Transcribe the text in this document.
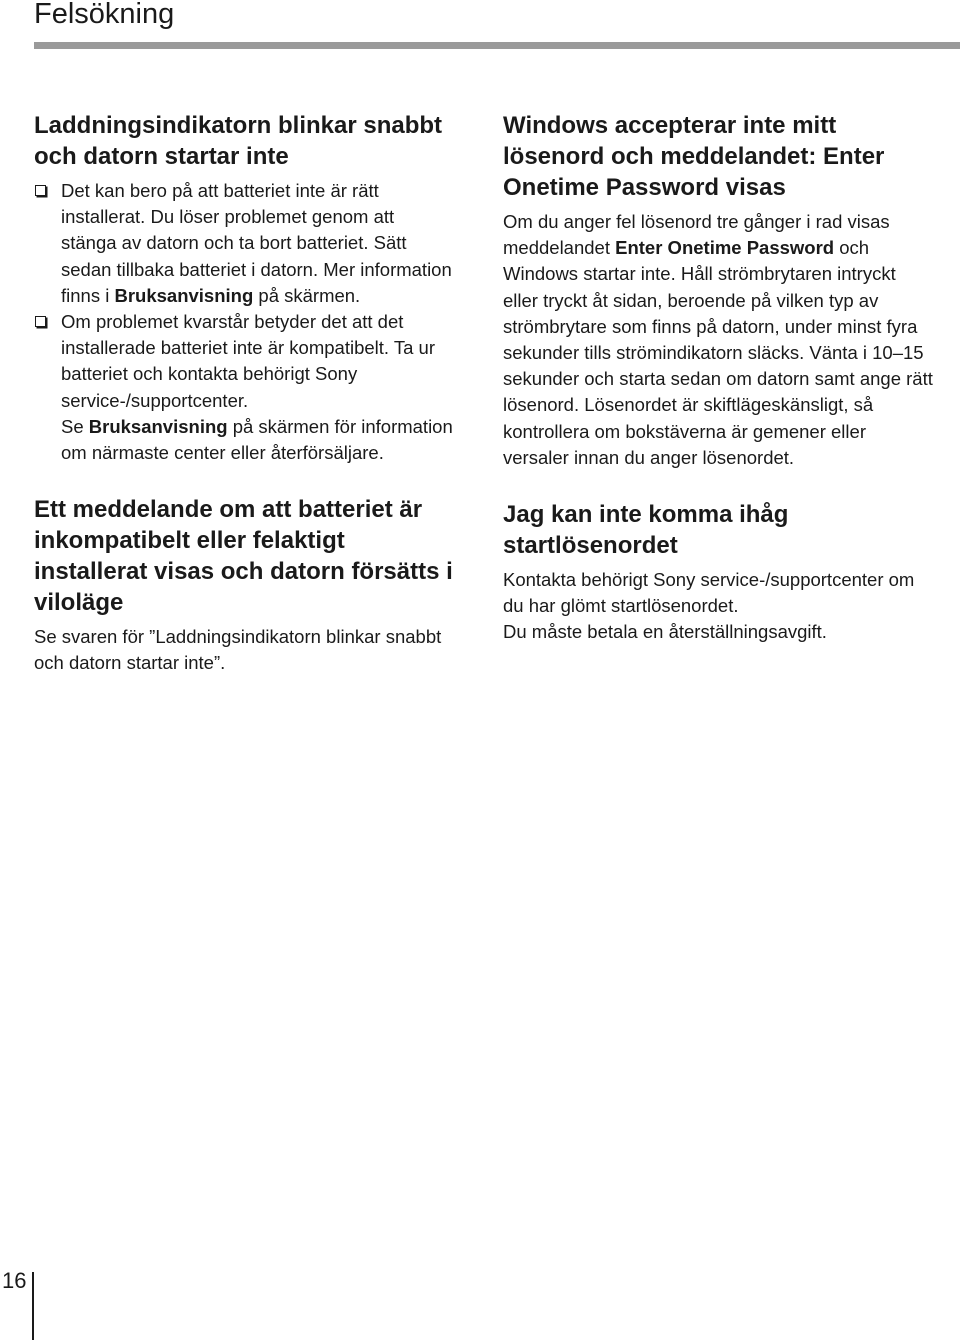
Felsökning
Laddningsindikatorn blinkar snabbt och datorn startar inte
Det kan bero på att batteriet inte är rätt installerat. Du löser problemet genom att stänga av datorn och ta bort batteriet. Sätt sedan tillbaka batteriet i datorn. Mer information finns i Bruksanvisning på skärmen.
Om problemet kvarstår betyder det att det installerade batteriet inte är kompatibelt. Ta ur batteriet och kontakta behörigt Sony service-/supportcenter.
Se Bruksanvisning på skärmen för information om närmaste center eller återförsäljare.
Ett meddelande om att batteriet är inkompatibelt eller felaktigt installerat visas och datorn försätts i viloläge

Se svaren för ”Laddningsindikatorn blinkar snabbt och datorn startar inte”.

Windows accepterar inte mitt lösenord och meddelandet: Enter Onetime Password visas

Om du anger fel lösenord tre gånger i rad visas meddelandet Enter Onetime Password och Windows startar inte. Håll strömbrytaren intryckt eller tryckt åt sidan, beroende på vilken typ av strömbrytare som finns på datorn, under minst fyra sekunder tills strömindikatorn släcks. Vänta i 10–15 sekunder och starta sedan om datorn samt ange rätt lösenord. Lösenordet är skiftlägeskänsligt, så kontrollera om bokstäverna är gemener eller versaler innan du anger lösenordet.

Jag kan inte komma ihåg startlösenordet

Kontakta behörigt Sony service-/supportcenter om du har glömt startlösenordet.

Du måste betala en återställningsavgift.

16
